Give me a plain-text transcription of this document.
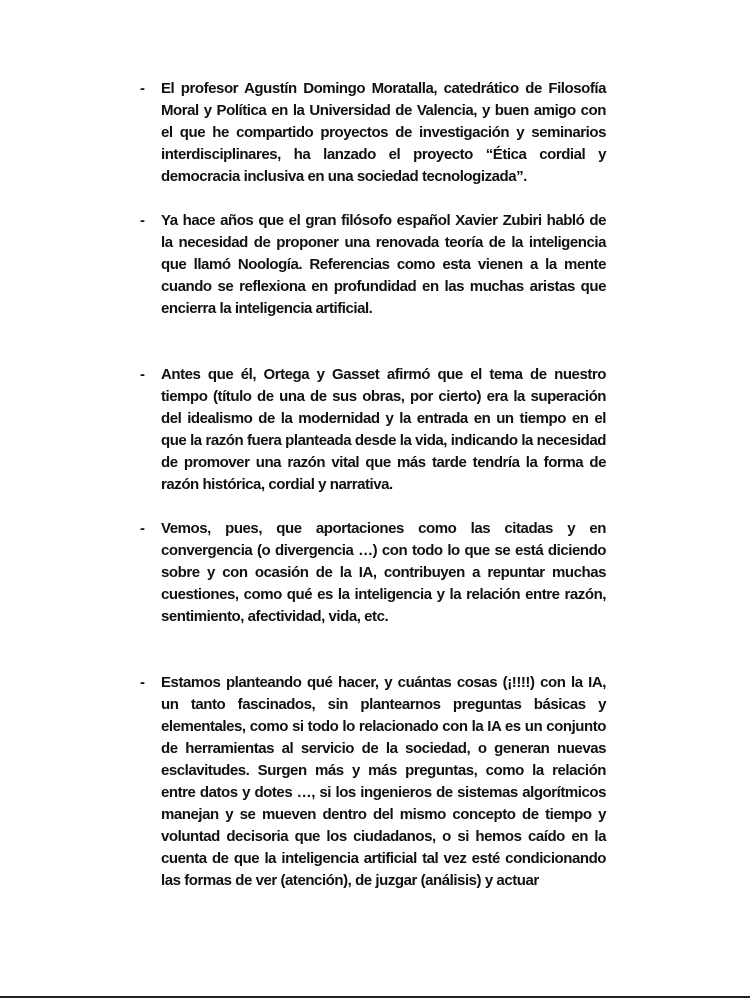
-	El profesor Agustín Domingo Moratalla, catedrático de Filosofía Moral y Política en la Universidad de Valencia, y buen amigo con el que he compartido proyectos de investigación y seminarios interdisciplinares, ha lanzado el proyecto “Ética cordial y democracia inclusiva en una sociedad tecnologizada”.

-	Ya hace años que el gran filósofo español Xavier Zubiri habló de la necesidad de proponer una renovada teoría de la inteligencia que llamó Noología. Referencias como esta vienen a la mente cuando se reflexiona en profundidad en las muchas aristas que encierra la inteligencia artificial.

-	Antes que él, Ortega y Gasset afirmó que el tema de nuestro tiempo (título de una de sus obras, por cierto) era la superación del idealismo de la modernidad y la entrada en un tiempo en el que la razón fuera planteada desde la vida, indicando la necesidad de promover una razón vital que más tarde tendría la forma de razón histórica, cordial y narrativa.

-	Vemos, pues, que aportaciones como las citadas y en convergencia (o divergencia …) con todo lo que se está diciendo sobre y con ocasión de la IA, contribuyen a repuntar muchas cuestiones, como qué es la inteligencia y la relación entre razón, sentimiento, afectividad, vida, etc.

-	Estamos planteando qué hacer, y cuántas cosas (¡!!!!) con la IA, un tanto fascinados, sin plantearnos preguntas básicas y elementales, como si todo lo relacionado con la IA es un conjunto de herramientas al servicio de la sociedad, o generan nuevas esclavitudes. Surgen más y más preguntas, como la relación entre datos y dotes …, si los ingenieros de sistemas algorítmicos manejan y se mueven dentro del mismo concepto de tiempo y voluntad decisoria que los ciudadanos, o si hemos caído en la cuenta de que la inteligencia artificial tal vez esté condicionando las formas de ver (atención), de juzgar (análisis) y actuar
